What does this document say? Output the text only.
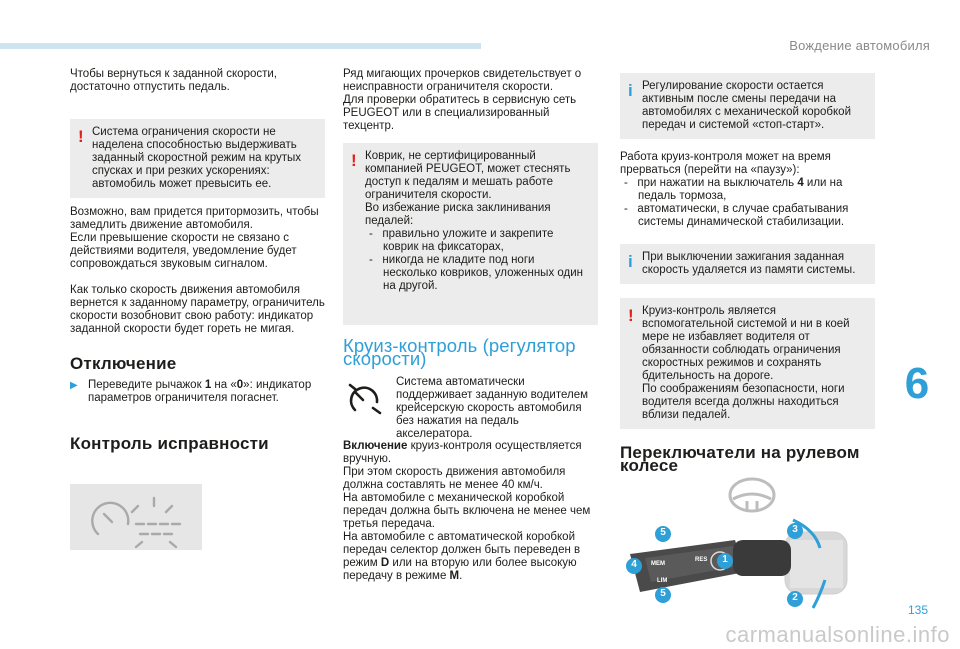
Вождение автомобиля
6
135
carmanualsonline.info

Чтобы вернуться к заданной скорости, достаточно отпустить педаль.

! Система ограничения скорости не наделена способностью выдерживать заданный скоростной режим на крутых спусках и при резких ускорениях: автомобиль может превысить ее.

Возможно, вам придется притормозить, чтобы замедлить движение автомобиля.

Если превышение скорости не связано с действиями водителя, уведомление будет сопровождаться звуковым сигналом.

Как только скорость движения автомобиля вернется к заданному параметру, ограничитель скорости возобновит свою работу: индикатор заданной скорости будет гореть не мигая.

Отключение

▶ Переведите рычажок 1 на «0»: индикатор параметров ограничителя погаснет.

Контроль исправности

Ряд мигающих прочерков свидетельствует о неисправности ограничителя скорости.

Для проверки обратитесь в сервисную сеть PEUGEOT или в специализированный техцентр.

! Коврик, не сертифицированный компанией PEUGEOT, может стеснять доступ к педалям и мешать работе ограничителя скорости.

Во избежание риска заклинивания педалей:

-   правильно уложите и закрепите коврик на фиксаторах,

-   никогда не кладите под ноги несколько ковриков, уложенных один на другой.

Круиз-контроль (регулятор скорости)

Система автоматически поддерживает заданную водителем крейсерскую скорость автомобиля без нажатия на педаль акселератора.

Включение круиз-контроля осуществляется вручную.

При этом скорость движения автомобиля должна составлять не менее 40 км/ч.

На автомобиле с механической коробкой передач должна быть включена не менее чем третья передача.

На автомобиле с автоматической коробкой передач селектор должен быть переведен в режим D или на вторую или более высокую передачу в режиме M.

i Регулирование скорости остается активным после смены передачи на автомобилях с механической коробкой передач и системой «стоп-старт».

Работа круиз-контроля может на время прерваться (перейти на «паузу»):

-   при нажатии на выключатель 4 или на педаль тормоза,

-   автоматически, в случае срабатывания системы динамической стабилизации.

i При выключении зажигания заданная скорость удаляется из памяти системы.

! Круиз-контроль является вспомогательной системой и ни в коей мере не избавляет водителя от обязанности соблюдать ограничения скоростных режимов и сохранять бдительность на дороге.

По соображениям безопасности, ноги водителя всегда должны находиться вблизи педалей.

Переключатели на рулевом колесе
MEM
RES
LIM
5
4
5
1
3
2
